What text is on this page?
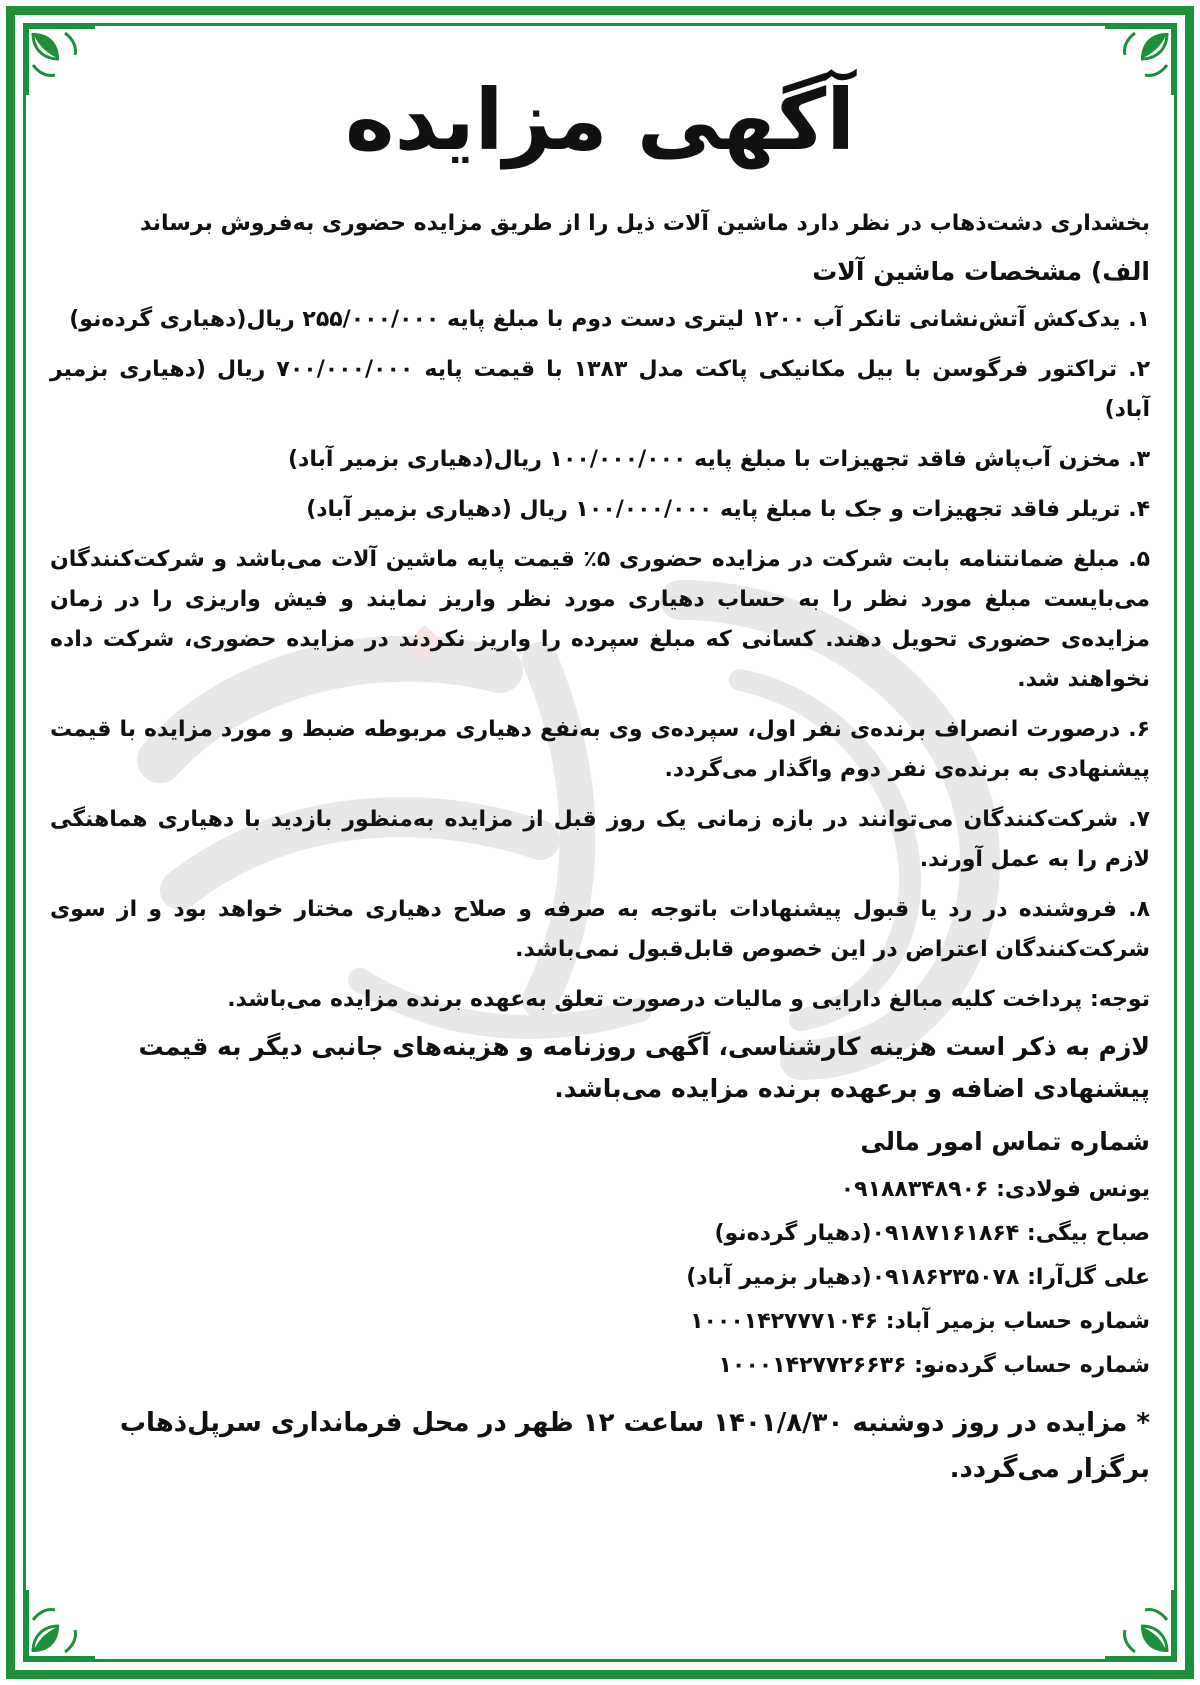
آگهی مزایده

بخشداری دشت‌ذهاب در نظر دارد ماشین آلات ذیل را از طریق مزایده حضوری به‌فروش برساند

الف) مشخصات ماشین آلات

۱. یدک‌کش آتش‌نشانی تانکر آب ۱۲۰۰ لیتری دست دوم با مبلغ پایه ۲۵۵/۰۰۰/۰۰۰ ریال(دهیاری گرده‌نو)

۲. تراکتور فرگوسن با بیل مکانیکی پاکت مدل ۱۳۸۳ با قیمت پایه ۷۰۰/۰۰۰/۰۰۰ ریال (دهیاری بزمیر آباد)

۳. مخزن آب‌پاش فاقد تجهیزات با مبلغ پایه ۱۰۰/۰۰۰/۰۰۰ ریال(دهیاری بزمیر آباد)

۴. تریلر فاقد تجهیزات و جک با مبلغ پایه ۱۰۰/۰۰۰/۰۰۰ ریال (دهیاری بزمیر آباد)

۵. مبلغ ضمانتنامه بابت شرکت در مزایده حضوری ۵٪ قیمت پایه ماشین آلات می‌باشد و شرکت‌کنندگان می‌بایست مبلغ مورد نظر را به حساب دهیاری مورد نظر واریز نمایند و فیش واریزی را در زمان مزایده‌ی حضوری تحویل دهند. کسانی که مبلغ سپرده را واریز نکردند در مزایده حضوری، شرکت داده نخواهند شد.

۶. درصورت انصراف برنده‌ی نفر اول، سپرده‌ی وی به‌نفع دهیاری مربوطه ضبط و مورد مزایده با قیمت پیشنهادی به برنده‌ی نفر دوم واگذار می‌گردد.

۷. شرکت‌کنندگان می‌توانند در بازه زمانی یک روز قبل از مزایده به‌منظور بازدید با دهیاری هماهنگی لازم را به عمل آورند.

۸. فروشنده در رد یا قبول پیشنهادات با‌توجه به صرفه و صلاح دهیاری مختار خواهد بود و از سوی شرکت‌کنندگان اعتراض در این خصوص قابل‌قبول نمی‌باشد.

توجه: پرداخت کلیه مبالغ دارایی و مالیات درصورت تعلق به‌عهده برنده مزایده می‌باشد.

لازم به ذکر است هزینه کارشناسی، آگهی روزنامه و هزینه‌های جانبی دیگر به قیمت پیشنهادی اضافه و برعهده برنده مزایده می‌باشد.

شماره تماس امور مالی

یونس فولادی: ۰۹۱۸۸۳۴۸۹۰۶

صباح بیگی: ۰۹۱۸۷۱۶۱۸۶۴(دهیار گرده‌نو)

علی گل‌آرا: ۰۹۱۸۶۲۳۵۰۷۸(دهیار بزمیر آباد)

شماره حساب بزمیر آباد: ۱۰۰۰۱۴۲۷۷۷۱۰۴۶

شماره حساب گرده‌نو: ۱۰۰۰۱۴۲۷۷۲۶۶۳۶

* مزایده در روز دوشنبه ۱۴۰۱/۸/۳۰ ساعت ۱۲ ظهر در محل فرمانداری سرپل‌ذهاب برگزار می‌گردد.
